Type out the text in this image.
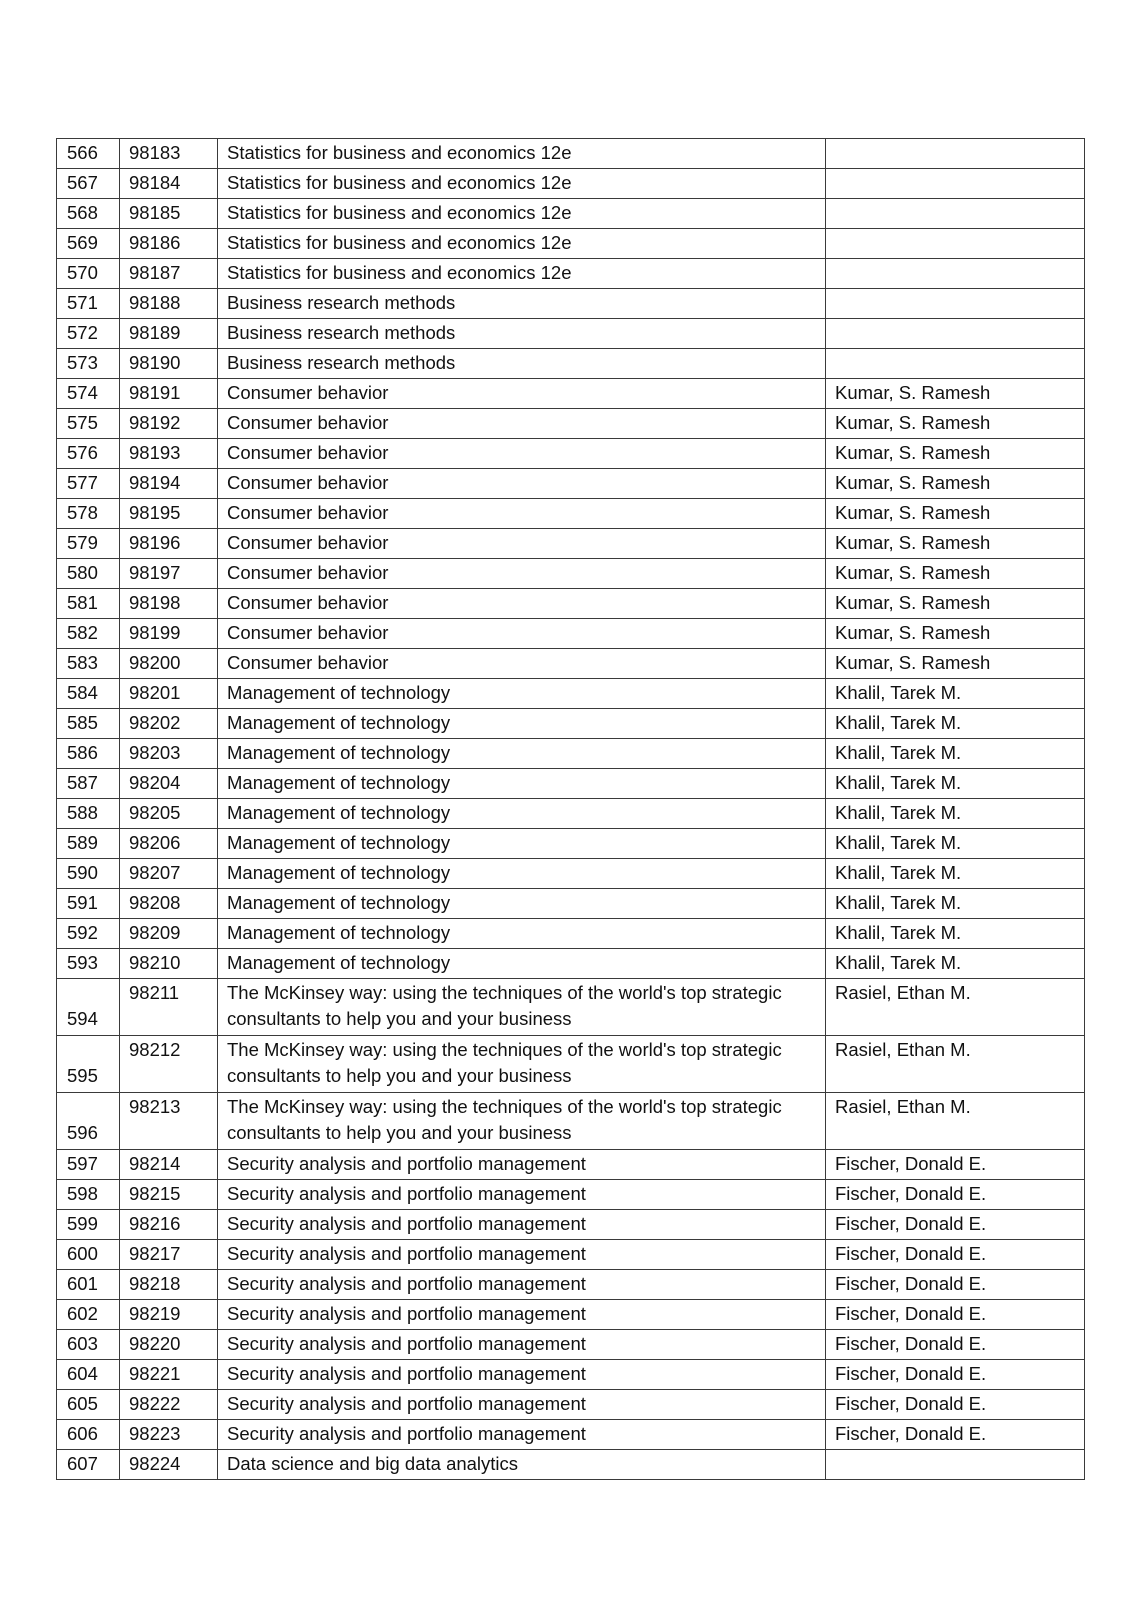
566	98183	Statistics for business and economics 12e	
567	98184	Statistics for business and economics 12e	
568	98185	Statistics for business and economics 12e	
569	98186	Statistics for business and economics 12e	
570	98187	Statistics for business and economics 12e	
571	98188	Business research methods	
572	98189	Business research methods	
573	98190	Business research methods	
574	98191	Consumer behavior	Kumar, S. Ramesh
575	98192	Consumer behavior	Kumar, S. Ramesh
576	98193	Consumer behavior	Kumar, S. Ramesh
577	98194	Consumer behavior	Kumar, S. Ramesh
578	98195	Consumer behavior	Kumar, S. Ramesh
579	98196	Consumer behavior	Kumar, S. Ramesh
580	98197	Consumer behavior	Kumar, S. Ramesh
581	98198	Consumer behavior	Kumar, S. Ramesh
582	98199	Consumer behavior	Kumar, S. Ramesh
583	98200	Consumer behavior	Kumar, S. Ramesh
584	98201	Management of technology	Khalil, Tarek M.
585	98202	Management of technology	Khalil, Tarek M.
586	98203	Management of technology	Khalil, Tarek M.
587	98204	Management of technology	Khalil, Tarek M.
588	98205	Management of technology	Khalil, Tarek M.
589	98206	Management of technology	Khalil, Tarek M.
590	98207	Management of technology	Khalil, Tarek M.
591	98208	Management of technology	Khalil, Tarek M.
592	98209	Management of technology	Khalil, Tarek M.
593	98210	Management of technology	Khalil, Tarek M.
594	98211	The McKinsey way: using the techniques of the world's top strategic consultants to help you and your business	Rasiel, Ethan M.
595	98212	The McKinsey way: using the techniques of the world's top strategic consultants to help you and your business	Rasiel, Ethan M.
596	98213	The McKinsey way: using the techniques of the world's top strategic consultants to help you and your business	Rasiel, Ethan M.
597	98214	Security analysis and portfolio management	Fischer, Donald E.
598	98215	Security analysis and portfolio management	Fischer, Donald E.
599	98216	Security analysis and portfolio management	Fischer, Donald E.
600	98217	Security analysis and portfolio management	Fischer, Donald E.
601	98218	Security analysis and portfolio management	Fischer, Donald E.
602	98219	Security analysis and portfolio management	Fischer, Donald E.
603	98220	Security analysis and portfolio management	Fischer, Donald E.
604	98221	Security analysis and portfolio management	Fischer, Donald E.
605	98222	Security analysis and portfolio management	Fischer, Donald E.
606	98223	Security analysis and portfolio management	Fischer, Donald E.
607	98224	Data science and big data analytics	
